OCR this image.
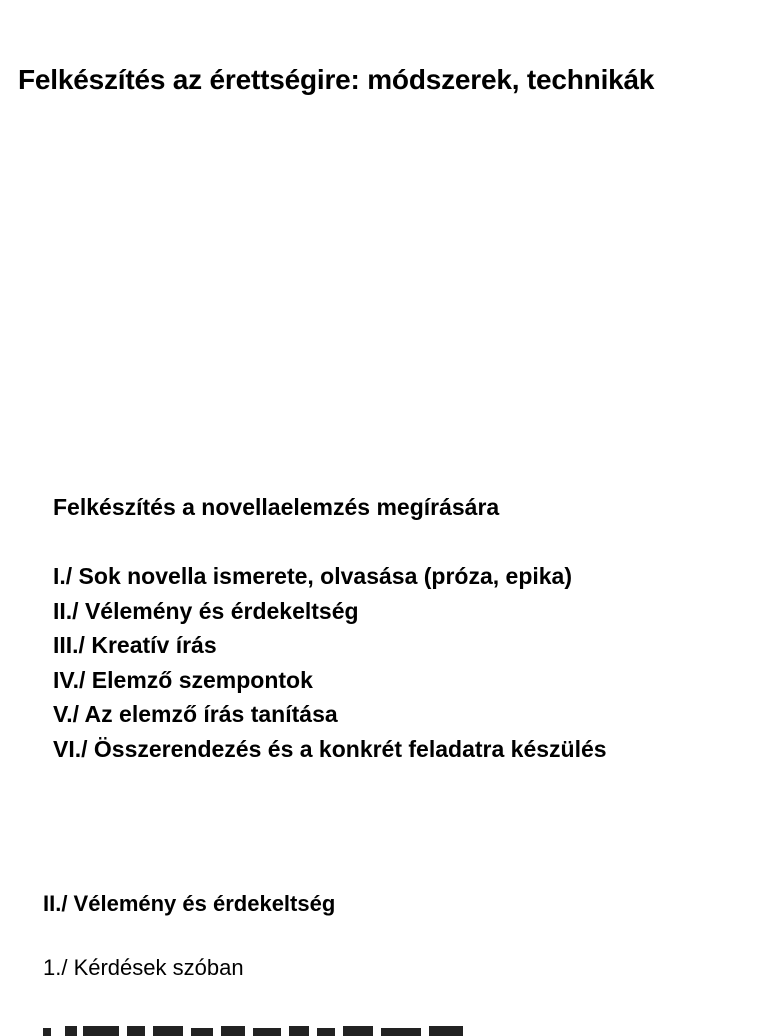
Felkészítés az érettségire: módszerek, technikák
Felkészítés a novellaelemzés megírására
I./ Sok novella ismerete, olvasása (próza, epika)
II./ Vélemény és érdekeltség
III./ Kreatív írás
IV./ Elemző szempontok
V./ Az elemző írás tanítása
VI./ Összerendezés és a konkrét feladatra készülés
II./ Vélemény és érdekeltség

1./ Kérdések szóban
